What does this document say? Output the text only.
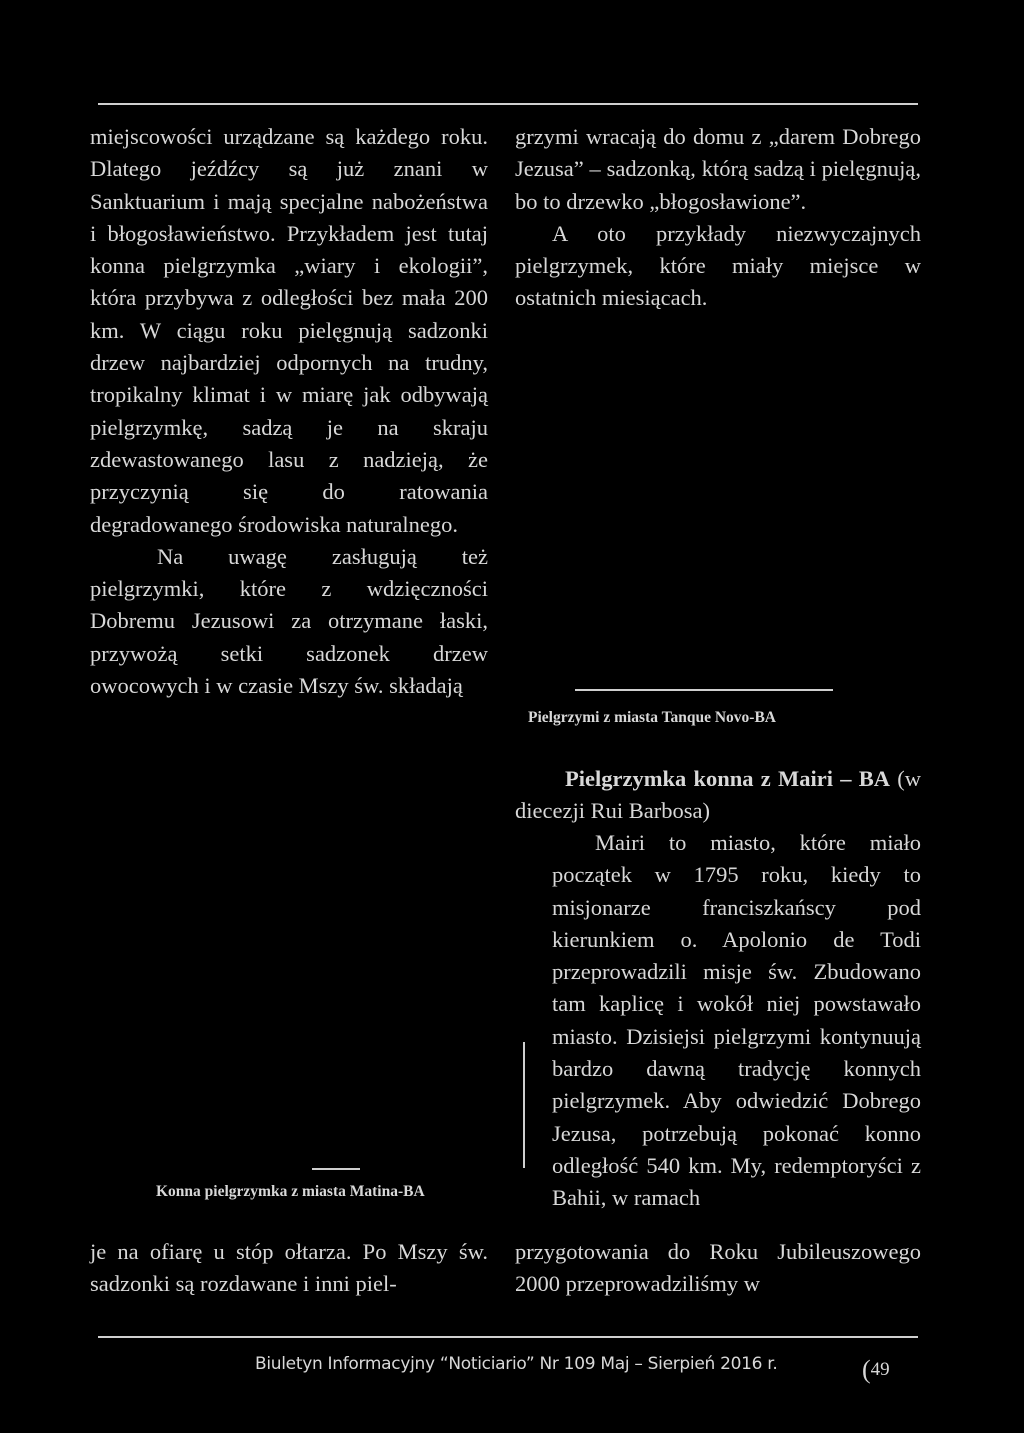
miejscowości urządzane są każdego roku. Dlatego jeźdźcy są już znani w Sanktuarium i mają specjalne nabożeństwa i błogosławieństwo. Przykładem jest tutaj konna pielgrzymka „wiary i ekologii”, która przybywa z odległości bez mała 200 km. W ciągu roku pielęgnują sadzonki drzew najbardziej odpornych na trudny, tropikalny klimat i w miarę jak odbywają pielgrzymkę, sadzą je na skraju zdewastowanego lasu z nadzieją, że przyczynią się do ratowania degradowanego środowiska naturalnego.

Na uwagę zasługują też pielgrzymki, które z wdzięczności Dobremu Jezusowi za otrzymane łaski, przywożą setki sadzonek drzew owocowych i w czasie Mszy św. składają

Konna pielgrzymka z miasta Matina-BA

je na ofiarę u stóp ołtarza. Po Mszy św. sadzonki są rozdawane i inni piel-

grzymi wracają do domu z „darem Dobrego Jezusa” – sadzonką, którą sadzą i pielęgnują, bo to drzewko „błogosławione”.

A oto przykłady niezwyczajnych pielgrzymek, które miały miejsce w ostatnich miesiącach.

Pielgrzymi z miasta Tanque Novo-BA

Pielgrzymka konna z Mairi – BA (w diecezji Rui Barbosa)

Mairi to miasto, które miało początek w 1795 roku, kiedy to misjonarze franciszkańscy pod kierunkiem o. Apolonio de Todi przeprowadzili misje św. Zbudowano tam kaplicę i wokół niej powstawało miasto. Dzisiejsi pielgrzymi kontynuują bardzo dawną tradycję konnych pielgrzymek. Aby odwiedzić Dobrego Jezusa, potrzebują pokonać konno odległość 540 km. My, redemptoryści z Bahii, w ramach

przygotowania do Roku Jubileuszowego 2000 przeprowadziliśmy w

Biuletyn Informacyjny “Noticiario” Nr 109 Maj – Sierpień 2016 r.	(49
